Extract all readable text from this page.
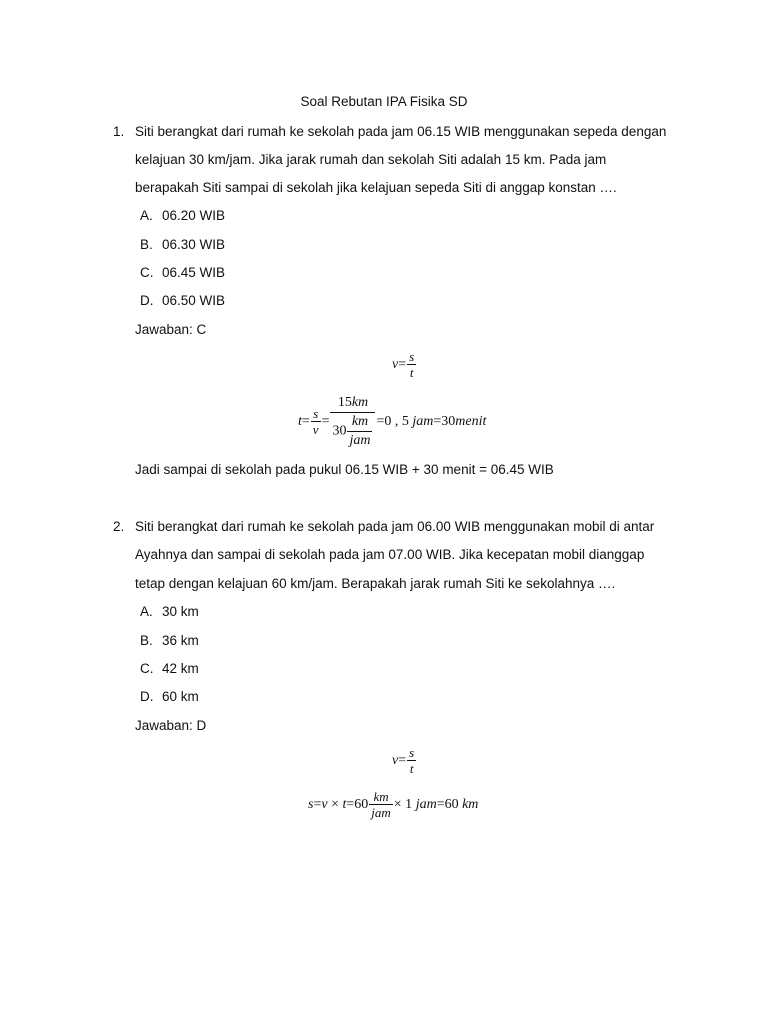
Soal Rebutan IPA Fisika SD
1. Siti berangkat dari rumah ke sekolah pada jam 06.15 WIB menggunakan sepeda dengan
kelajuan 30 km/jam. Jika jarak rumah dan sekolah Siti adalah 15 km. Pada jam
berapakah Siti sampai di sekolah jika kelajuan sepeda Siti di anggap konstan ….
A. 06.20 WIB
B. 06.30 WIB
C. 06.45 WIB
D. 06.50 WIB
Jawaban: C
$v= \frac{s}{t}$
$t= \frac{s}{v} = \frac{15km}{30 \frac{km}{\text{jam}}} =0$ , 5 jam=30menit
Jadi sampai di sekolah pada pukul 06.15 WIB + 30 menit = 06.45 WIB
2. Siti berangkat dari rumah ke sekolah pada jam 06.00 WIB menggunakan mobil di antar
Ayahnya dan sampai di sekolah pada jam 07.00 WIB. Jika kecepatan mobil dianggap
tetap dengan kelajuan 60 km/jam. Berapakah jarak rumah Siti ke sekolahnya ….
A. 30 km
B. 36 km
C. 42 km
D. 60 km
Jawaban: D
$v= \frac{s}{t}$
$s=v \times t=60 \frac{km}{\text{jam}} \times 1$ jam=60 km
